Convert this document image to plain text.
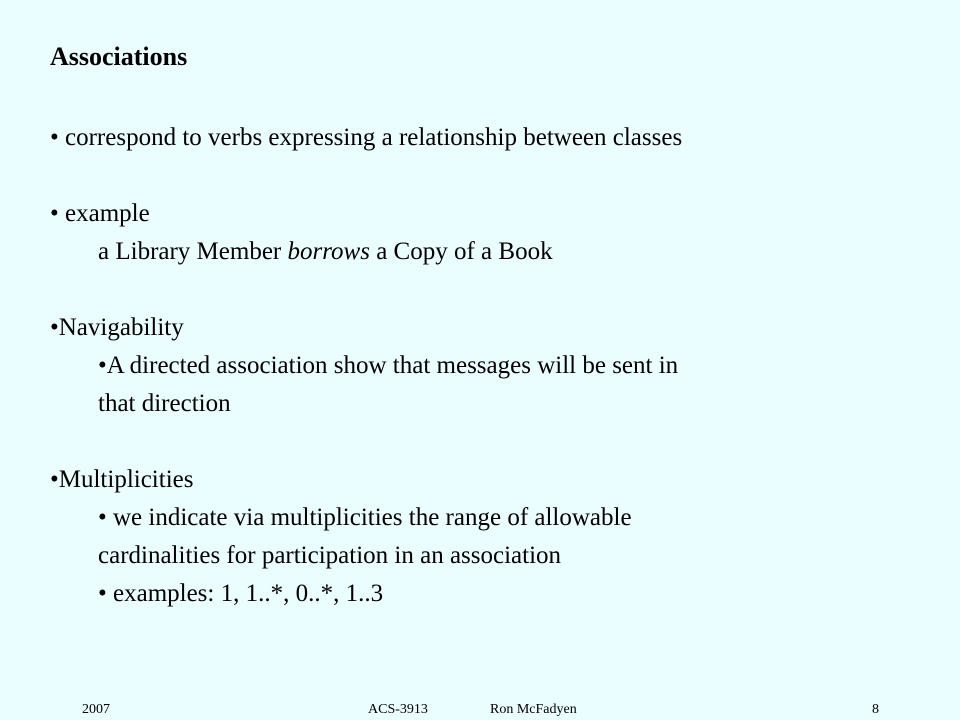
Associations
• correspond to verbs expressing a relationship between classes
• example
a Library Member borrows a Copy of a Book
•Navigability
•A directed association show that messages will be sent in
that direction
•Multiplicities
• we indicate via multiplicities the range of allowable
cardinalities for participation in an association
• examples: 1, 1..*, 0..*, 1..3
2007	ACS-3913	Ron McFadyen	8
